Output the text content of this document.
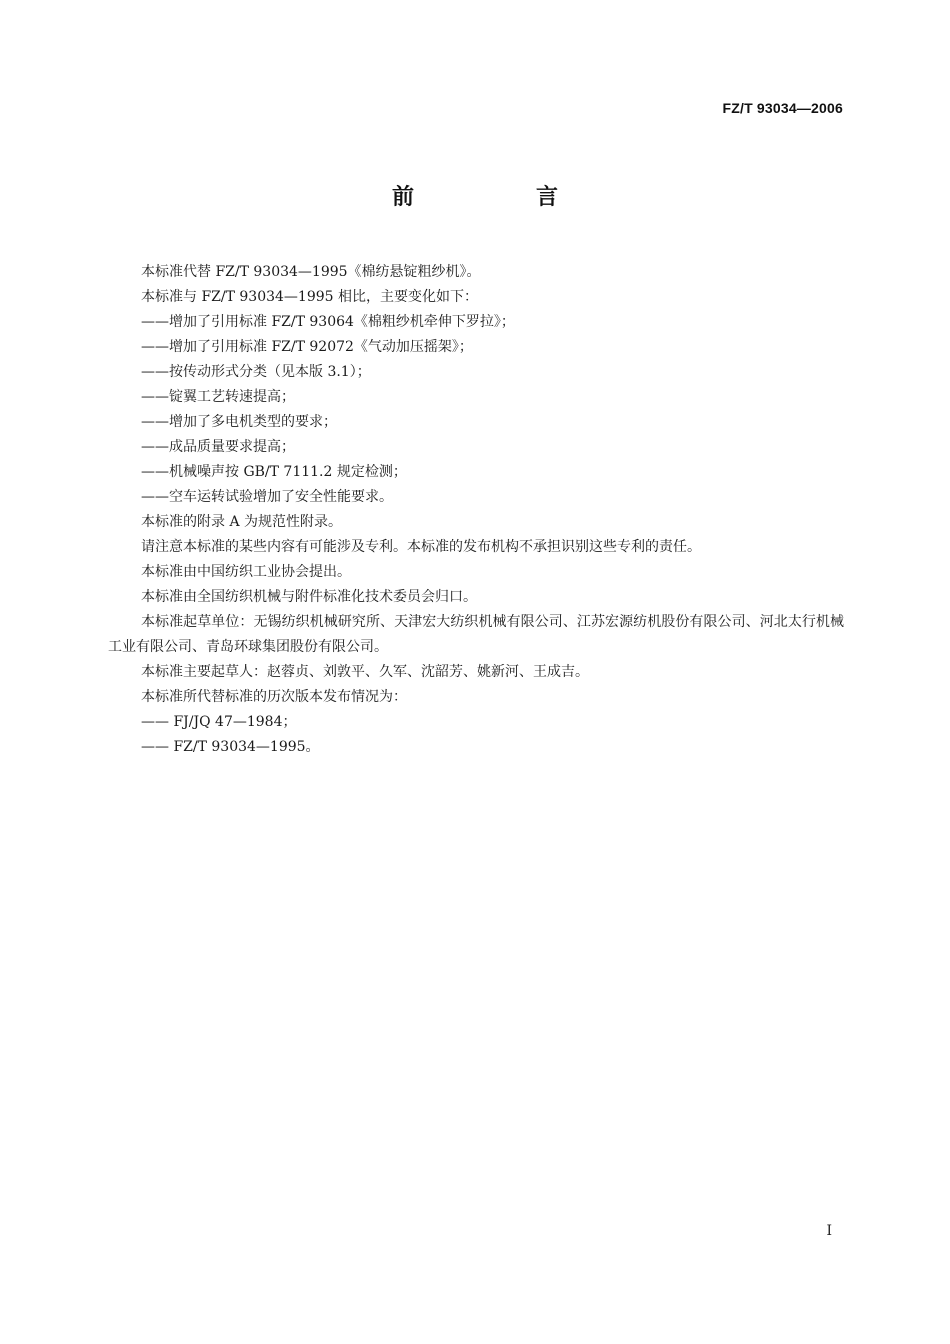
FZ/T 93034—2006
前　言

本标准代替 FZ/T 93034—1995《棉纺悬锭粗纱机》。

本标准与 FZ/T 93034—1995 相比，主要变化如下：

——增加了引用标准 FZ/T 93064《棉粗纱机牵伸下罗拉》；

——增加了引用标准 FZ/T 92072《气动加压摇架》；

——按传动形式分类（见本版 3.1）；

——锭翼工艺转速提高；

——增加了多电机类型的要求；

——成品质量要求提高；

——机械噪声按 GB/T 7111.2 规定检测；

——空车运转试验增加了安全性能要求。

本标准的附录 A 为规范性附录。

请注意本标准的某些内容有可能涉及专利。本标准的发布机构不承担识别这些专利的责任。

本标准由中国纺织工业协会提出。

本标准由全国纺织机械与附件标准化技术委员会归口。

本标准起草单位：无锡纺织机械研究所、天津宏大纺织机械有限公司、江苏宏源纺机股份有限公司、河北太行机械工业有限公司、青岛环球集团股份有限公司。

本标准主要起草人：赵蓉贞、刘敦平、久军、沈韶芳、姚新河、王成吉。

本标准所代替标准的历次版本发布情况为：

—— FJ/JQ 47—1984；

—— FZ/T 93034—1995。

I
